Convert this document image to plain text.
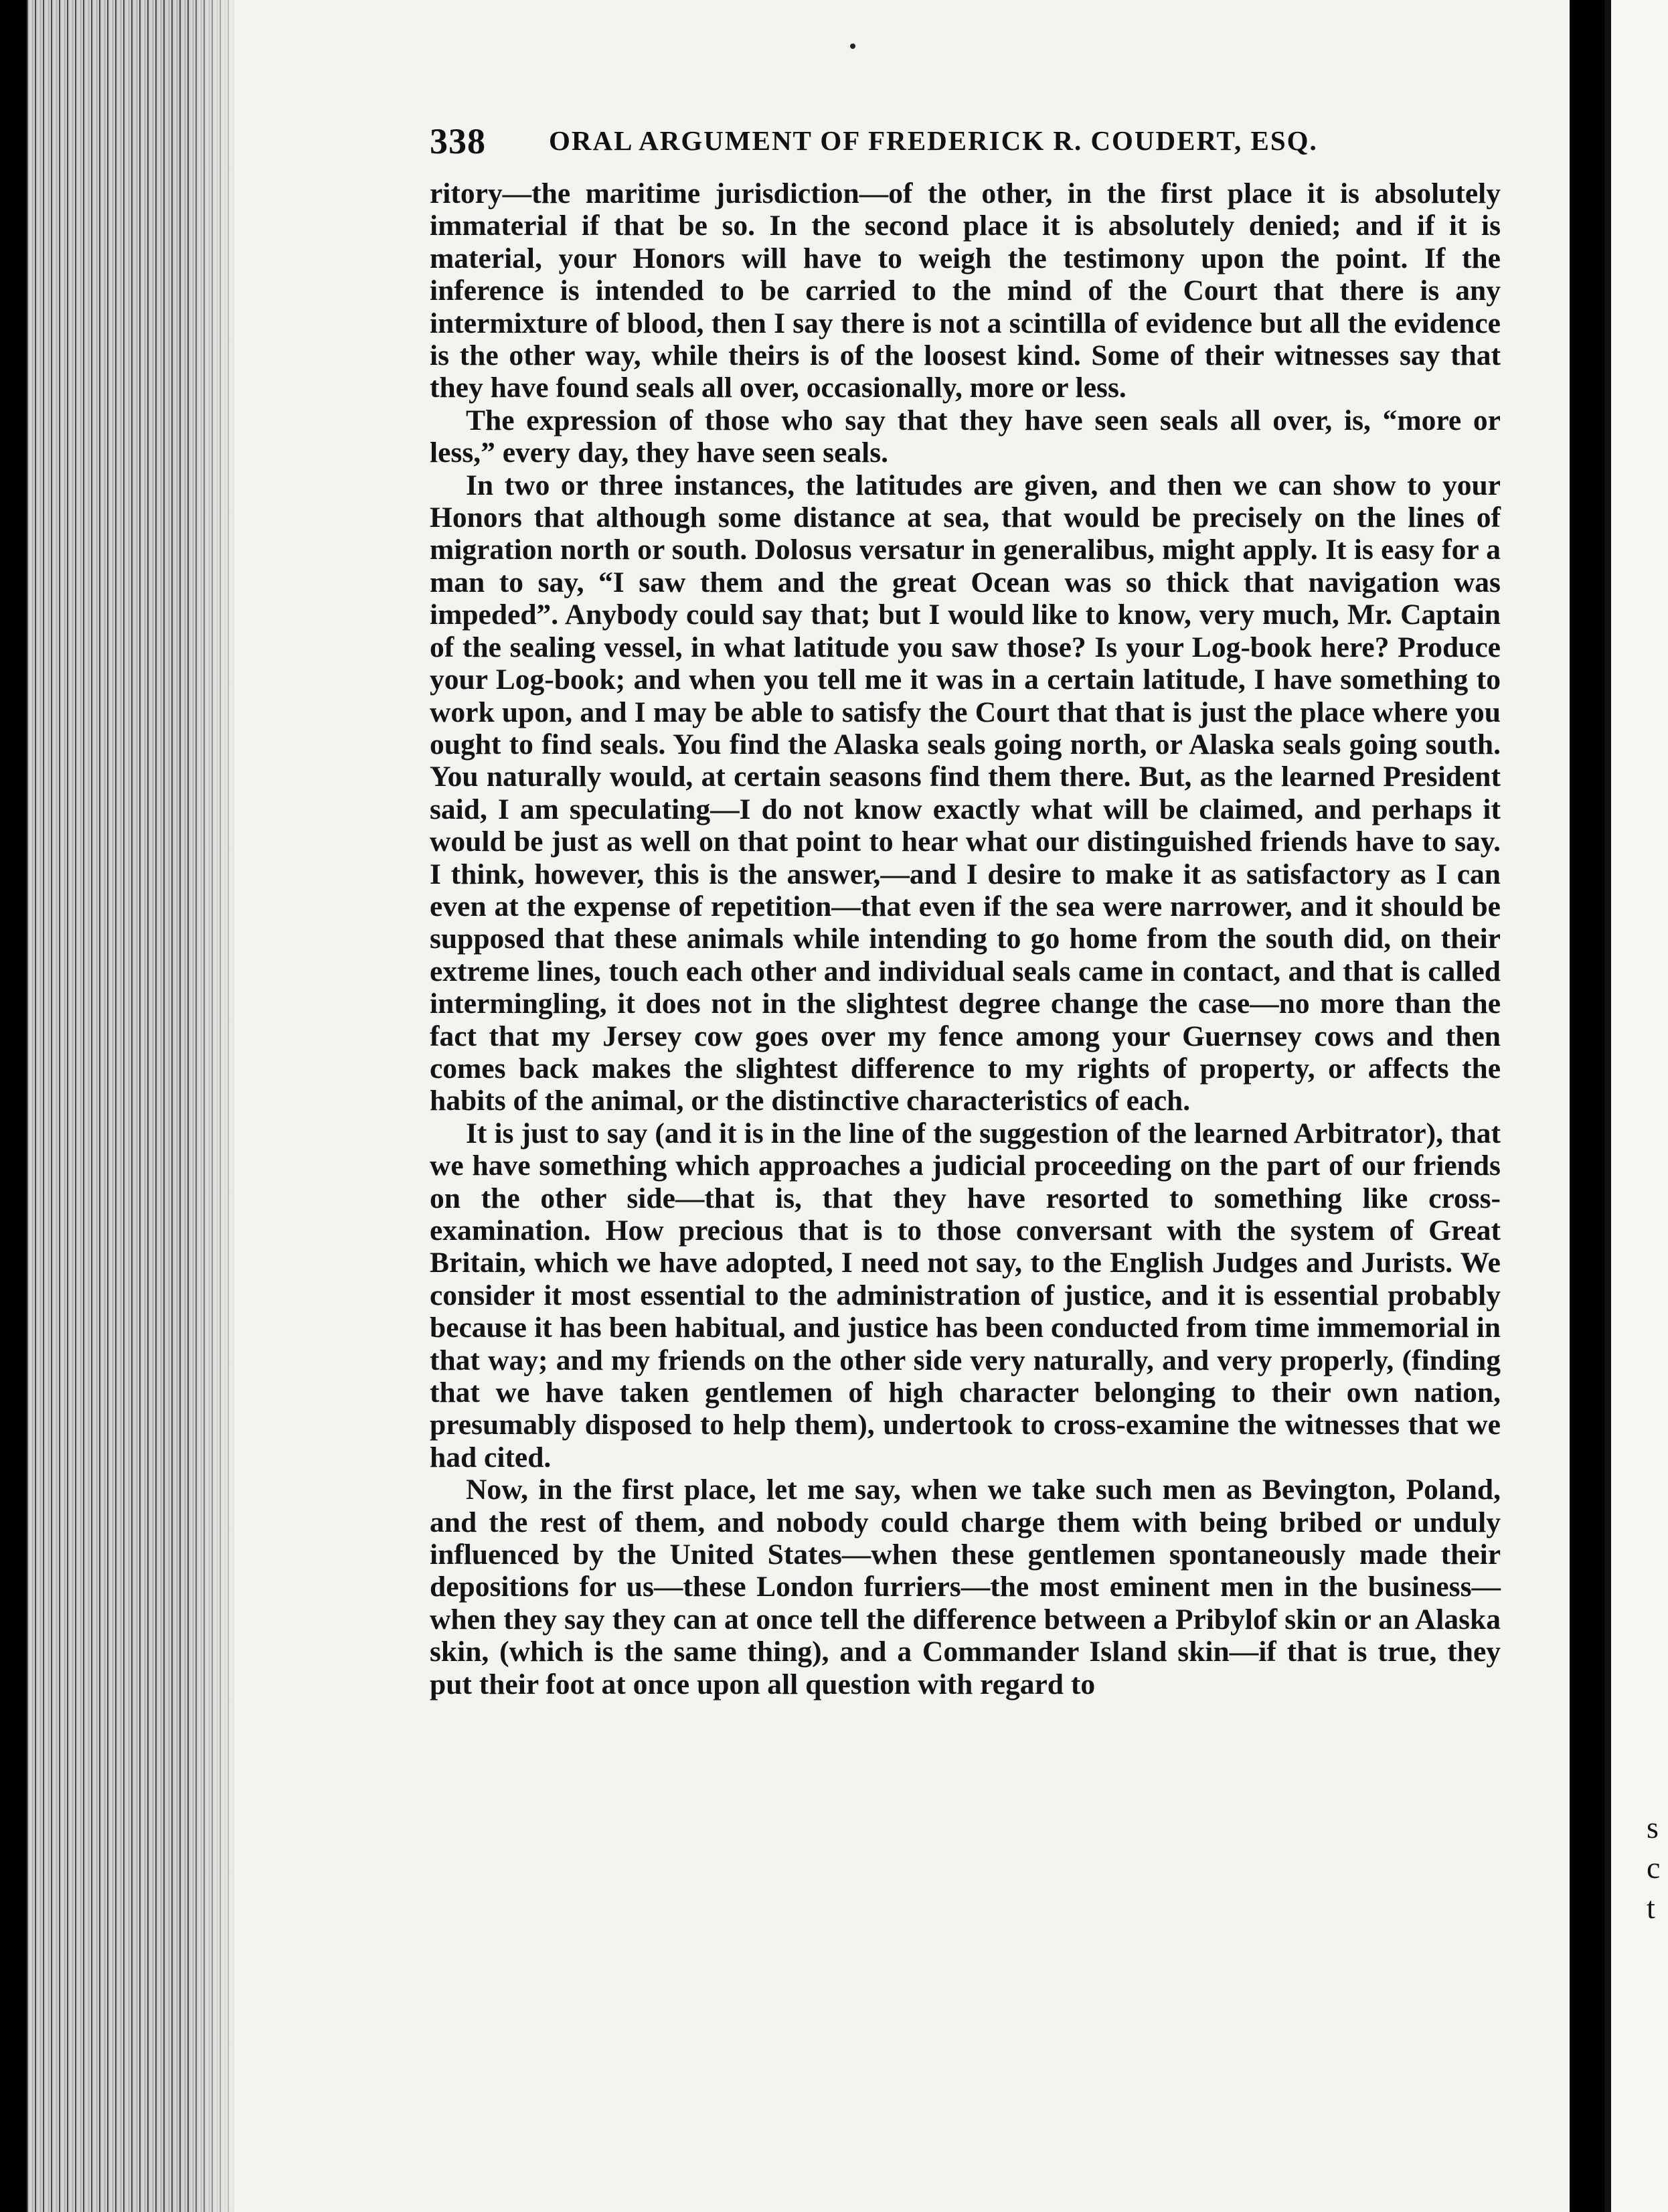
338 ORAL ARGUMENT OF FREDERICK R. COUDERT, ESQ.

ritory—the maritime jurisdiction—of the other, in the first place it is absolutely immaterial if that be so. In the second place it is absolutely denied; and if it is material, your Honors will have to weigh the testimony upon the point. If the inference is intended to be carried to the mind of the Court that there is any intermixture of blood, then I say there is not a scintilla of evidence but all the evidence is the other way, while theirs is of the loosest kind. Some of their witnesses say that they have found seals all over, occasionally, more or less.

The expression of those who say that they have seen seals all over, is, “more or less,” every day, they have seen seals.

In two or three instances, the latitudes are given, and then we can show to your Honors that although some distance at sea, that would be precisely on the lines of migration north or south. Dolosus versatur in generalibus, might apply. It is easy for a man to say, “I saw them and the great Ocean was so thick that navigation was impeded”. Anybody could say that; but I would like to know, very much, Mr. Captain of the sealing vessel, in what latitude you saw those? Is your Log-book here? Produce your Log-book; and when you tell me it was in a certain latitude, I have something to work upon, and I may be able to satisfy the Court that that is just the place where you ought to find seals. You find the Alaska seals going north, or Alaska seals going south. You naturally would, at certain seasons find them there. But, as the learned President said, I am speculating—I do not know exactly what will be claimed, and perhaps it would be just as well on that point to hear what our distinguished friends have to say. I think, however, this is the answer,—and I desire to make it as satisfactory as I can even at the expense of repetition—that even if the sea were narrower, and it should be supposed that these animals while intending to go home from the south did, on their extreme lines, touch each other and individual seals came in contact, and that is called intermingling, it does not in the slightest degree change the case—no more than the fact that my Jersey cow goes over my fence among your Guernsey cows and then comes back makes the slightest difference to my rights of property, or affects the habits of the animal, or the distinctive characteristics of each.

It is just to say (and it is in the line of the suggestion of the learned Arbitrator), that we have something which approaches a judicial proceeding on the part of our friends on the other side—that is, that they have resorted to something like cross-examination. How precious that is to those conversant with the system of Great Britain, which we have adopted, I need not say, to the English Judges and Jurists. We consider it most essential to the administration of justice, and it is essential probably because it has been habitual, and justice has been conducted from time immemorial in that way; and my friends on the other side very naturally, and very properly, (finding that we have taken gentlemen of high character belonging to their own nation, presumably disposed to help them), undertook to cross-examine the witnesses that we had cited.

Now, in the first place, let me say, when we take such men as Bevington, Poland, and the rest of them, and nobody could charge them with being bribed or unduly influenced by the United States—when these gentlemen spontaneously made their depositions for us—these London furriers—the most eminent men in the business—when they say they can at once tell the difference between a Pribylof skin or an Alaska skin, (which is the same thing), and a Commander Island skin—if that is true, they put their foot at once upon all question with regard to

s
c
t
